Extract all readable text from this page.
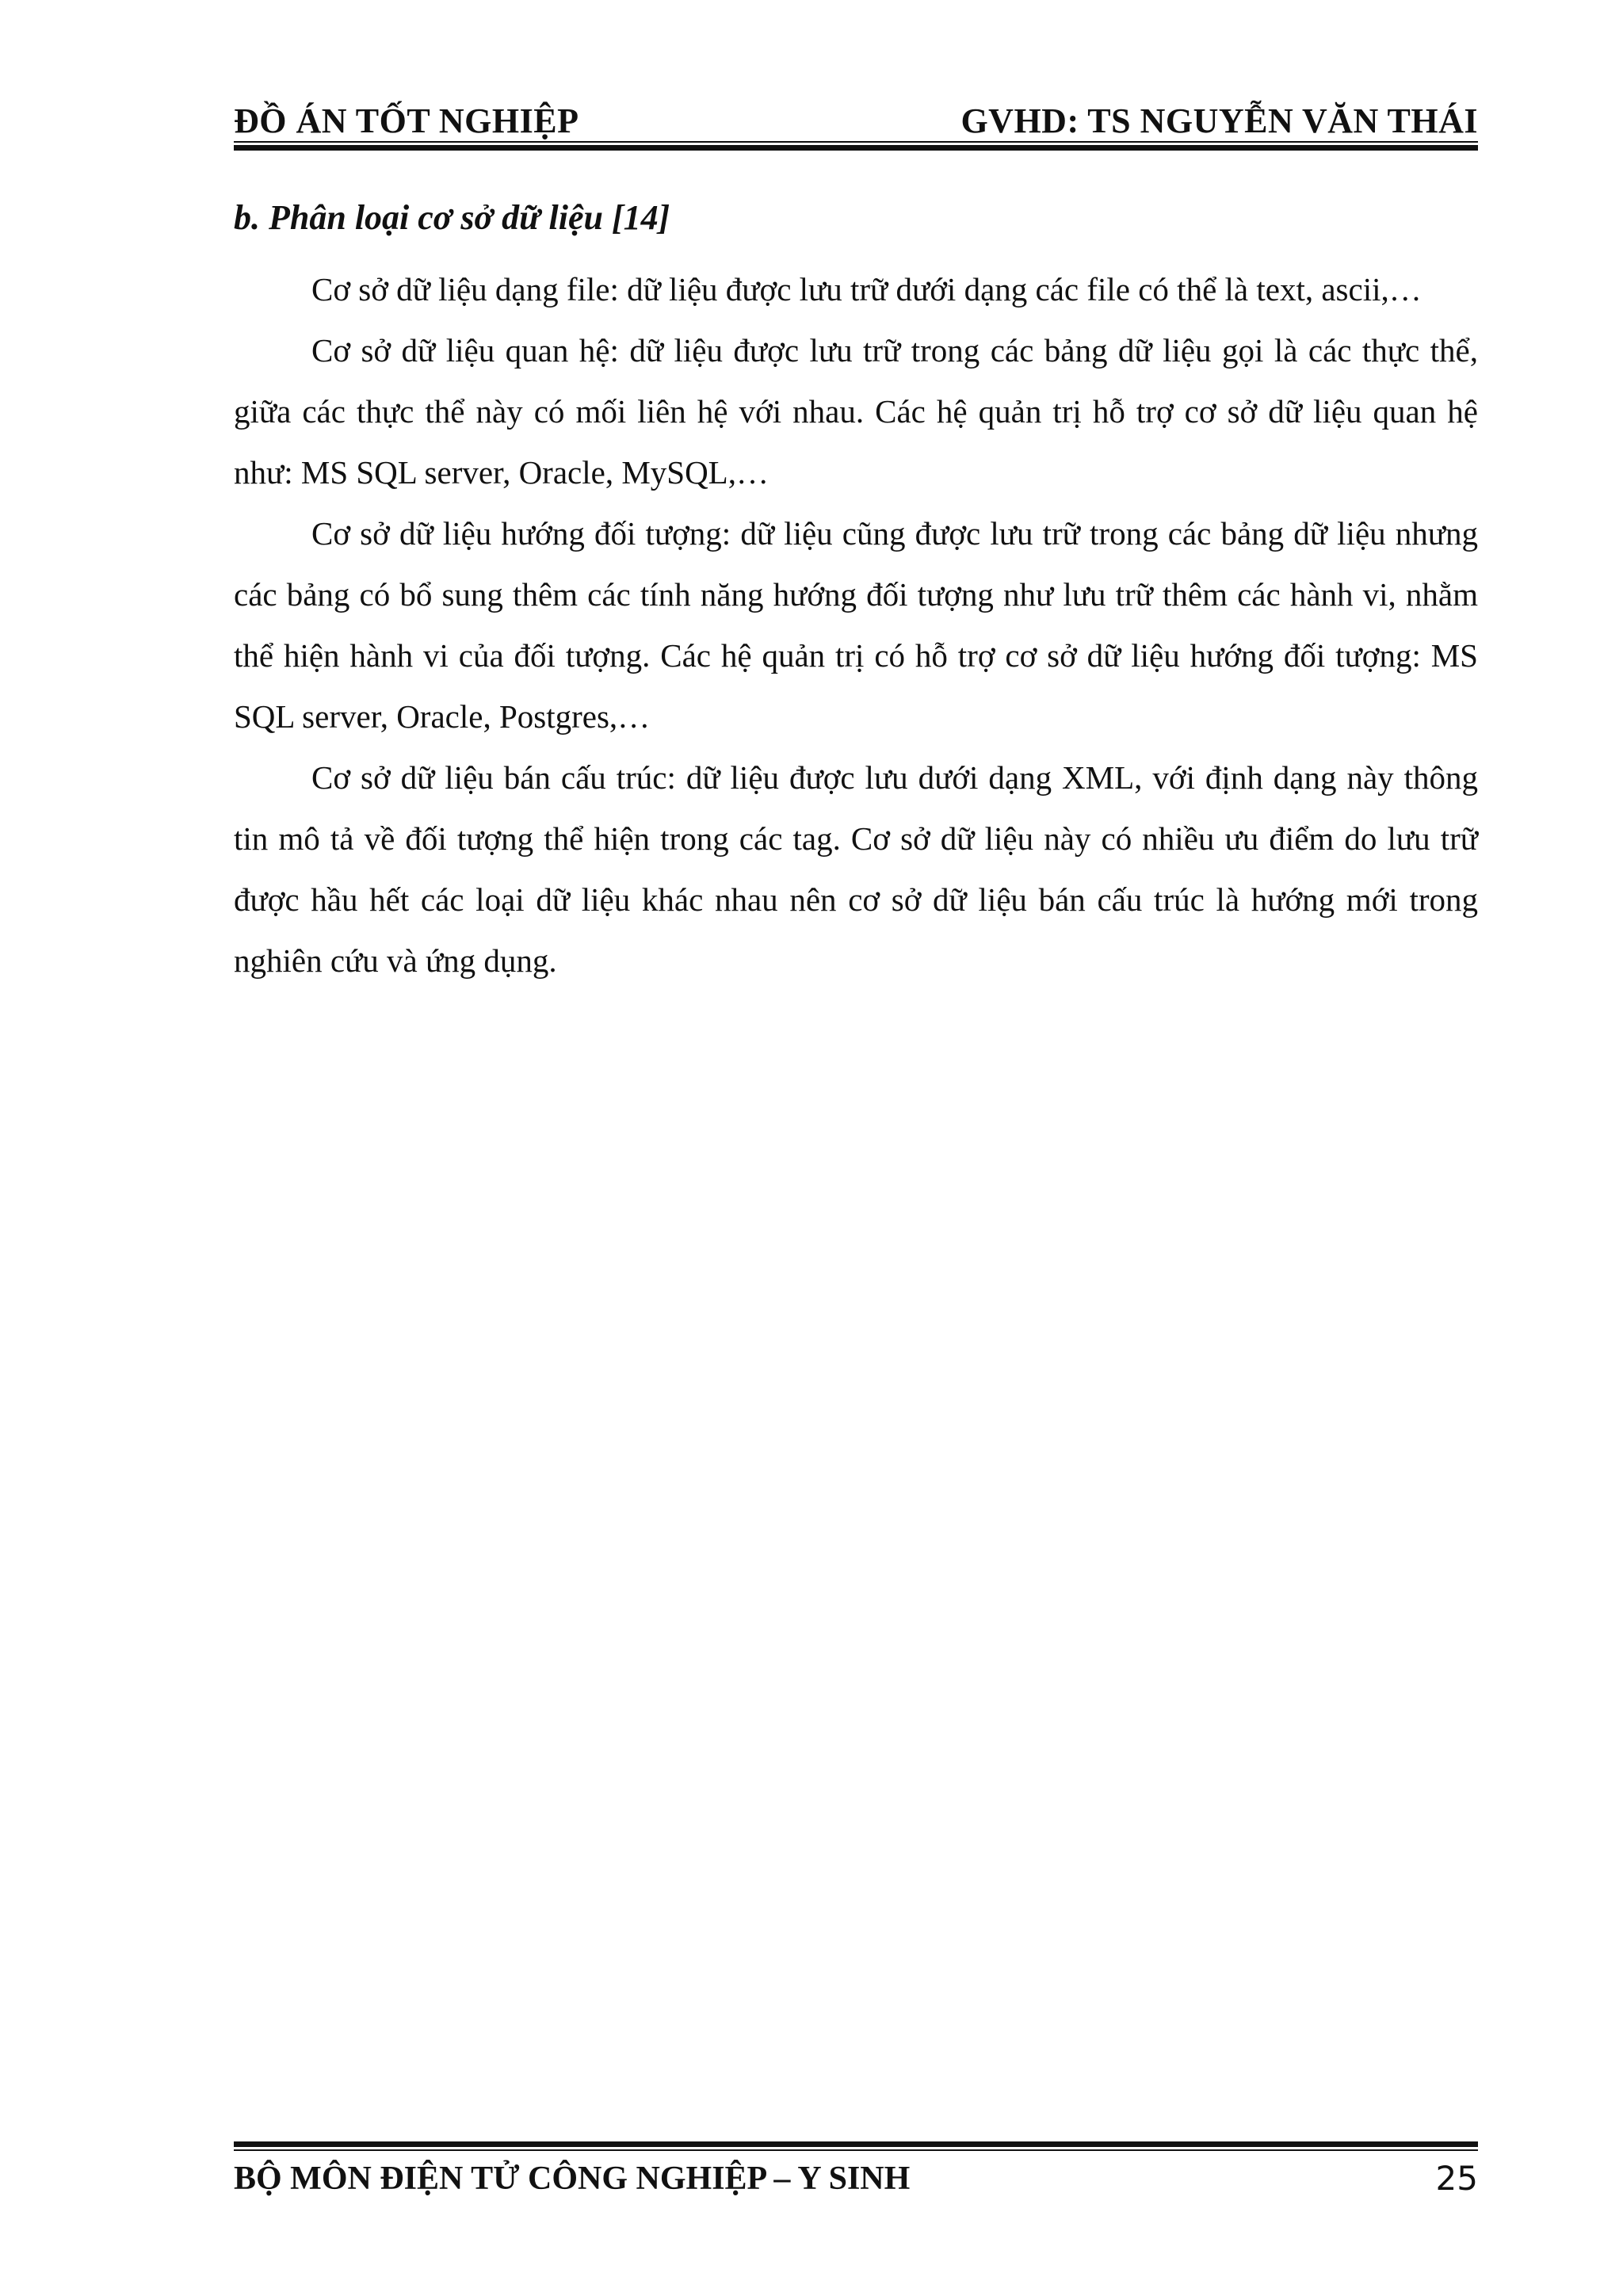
ĐỒ ÁN TỐT NGHIỆP	GVHD: TS NGUYỄN VĂN THÁI
b. Phân loại cơ sở dữ liệu [14]

Cơ sở dữ liệu dạng file: dữ liệu được lưu trữ dưới dạng các file có thể là text, ascii,…

Cơ sở dữ liệu quan hệ: dữ liệu được lưu trữ trong các bảng dữ liệu gọi là các thực thể, giữa các thực thể này có mối liên hệ với nhau. Các hệ quản trị hỗ trợ cơ sở dữ liệu quan hệ như: MS SQL server, Oracle, MySQL,…

Cơ sở dữ liệu hướng đối tượng: dữ liệu cũng được lưu trữ trong các bảng dữ liệu nhưng các bảng có bổ sung thêm các tính năng hướng đối tượng như lưu trữ thêm các hành vi, nhằm thể hiện hành vi của đối tượng. Các hệ quản trị có hỗ trợ cơ sở dữ liệu hướng đối tượng: MS SQL server, Oracle, Postgres,…

Cơ sở dữ liệu bán cấu trúc: dữ liệu được lưu dưới dạng XML, với định dạng này thông tin mô tả về đối tượng thể hiện trong các tag. Cơ sở dữ liệu này có nhiều ưu điểm do lưu trữ được hầu hết các loại dữ liệu khác nhau nên cơ sở dữ liệu bán cấu trúc là hướng mới trong nghiên cứu và ứng dụng.

BỘ MÔN ĐIỆN TỬ CÔNG NGHIỆP – Y SINH	25
